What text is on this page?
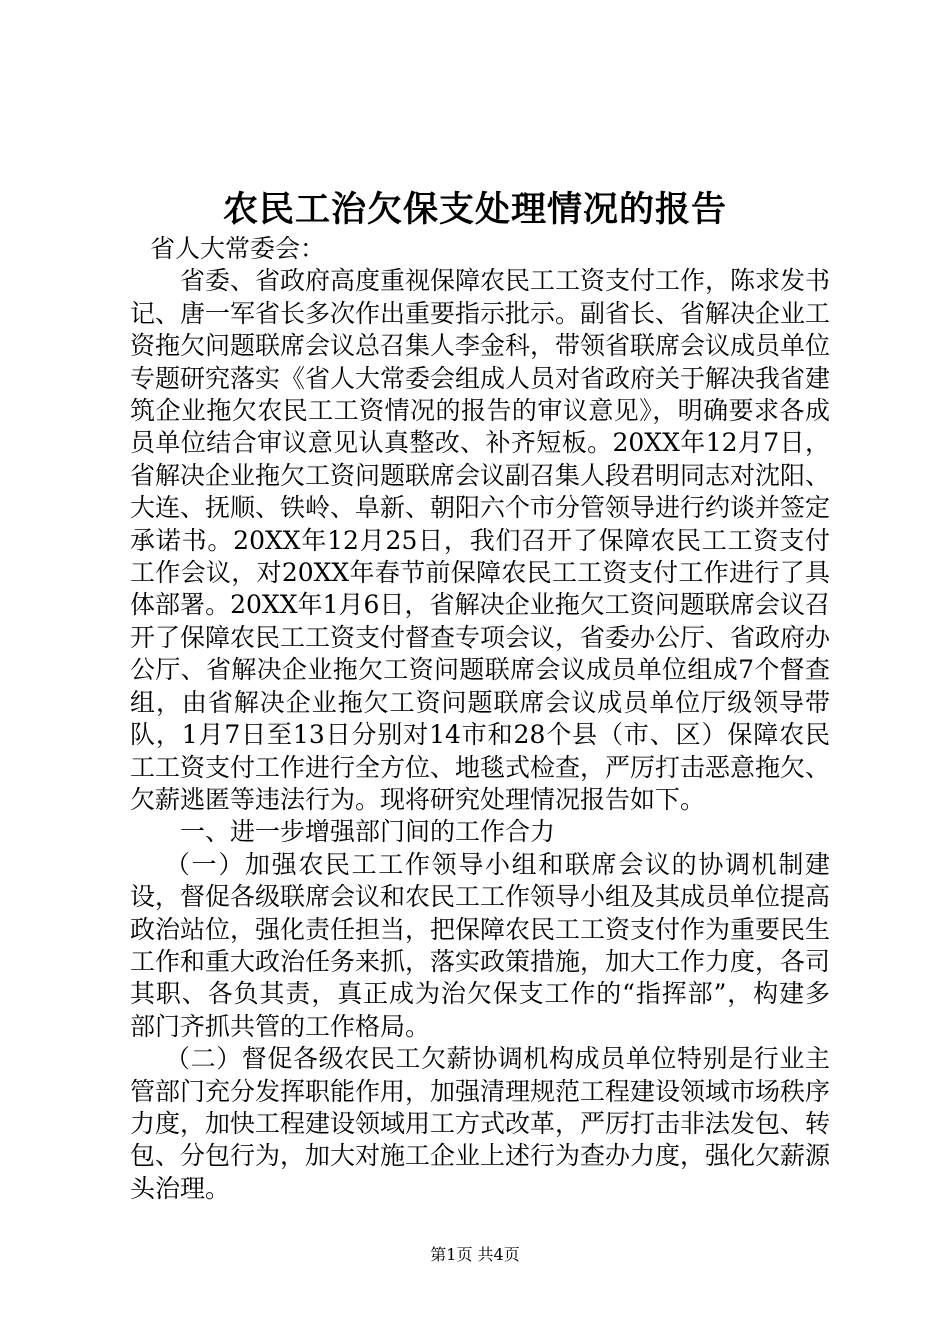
农民工治欠保支处理情况的报告

省人大常委会：

省委、省政府高度重视保障农民工工资支付工作，陈求发书记、唐一军省长多次作出重要指示批示。副省长、省解决企业工资拖欠问题联席会议总召集人李金科，带领省联席会议成员单位专题研究落实《省人大常委会组成人员对省政府关于解决我省建筑企业拖欠农民工工资情况的报告的审议意见》，明确要求各成员单位结合审议意见认真整改、补齐短板。20XX年12月7日，省解决企业拖欠工资问题联席会议副召集人段君明同志对沈阳、大连、抚顺、铁岭、阜新、朝阳六个市分管领导进行约谈并签定承诺书。20XX年12月25日，我们召开了保障农民工工资支付工作会议，对20XX年春节前保障农民工工资支付工作进行了具体部署。20XX年1月6日，省解决企业拖欠工资问题联席会议召开了保障农民工工资支付督查专项会议，省委办公厅、省政府办公厅、省解决企业拖欠工资问题联席会议成员单位组成7个督查组，由省解决企业拖欠工资问题联席会议成员单位厅级领导带队，1月7日至13日分别对14市和28个县（市、区）保障农民工工资支付工作进行全方位、地毯式检查，严厉打击恶意拖欠、欠薪逃匿等违法行为。现将研究处理情况报告如下。

一、进一步增强部门间的工作合力

（一）加强农民工工作领导小组和联席会议的协调机制建设，督促各级联席会议和农民工工作领导小组及其成员单位提高政治站位，强化责任担当，把保障农民工工资支付作为重要民生工作和重大政治任务来抓，落实政策措施，加大工作力度，各司其职、各负其责，真正成为治欠保支工作的“指挥部”，构建多部门齐抓共管的工作格局。

（二）督促各级农民工欠薪协调机构成员单位特别是行业主管部门充分发挥职能作用，加强清理规范工程建设领域市场秩序力度，加快工程建设领域用工方式改革，严厉打击非法发包、转包、分包行为，加大对施工企业上述行为查办力度，强化欠薪源头治理。

第1页 共4页
